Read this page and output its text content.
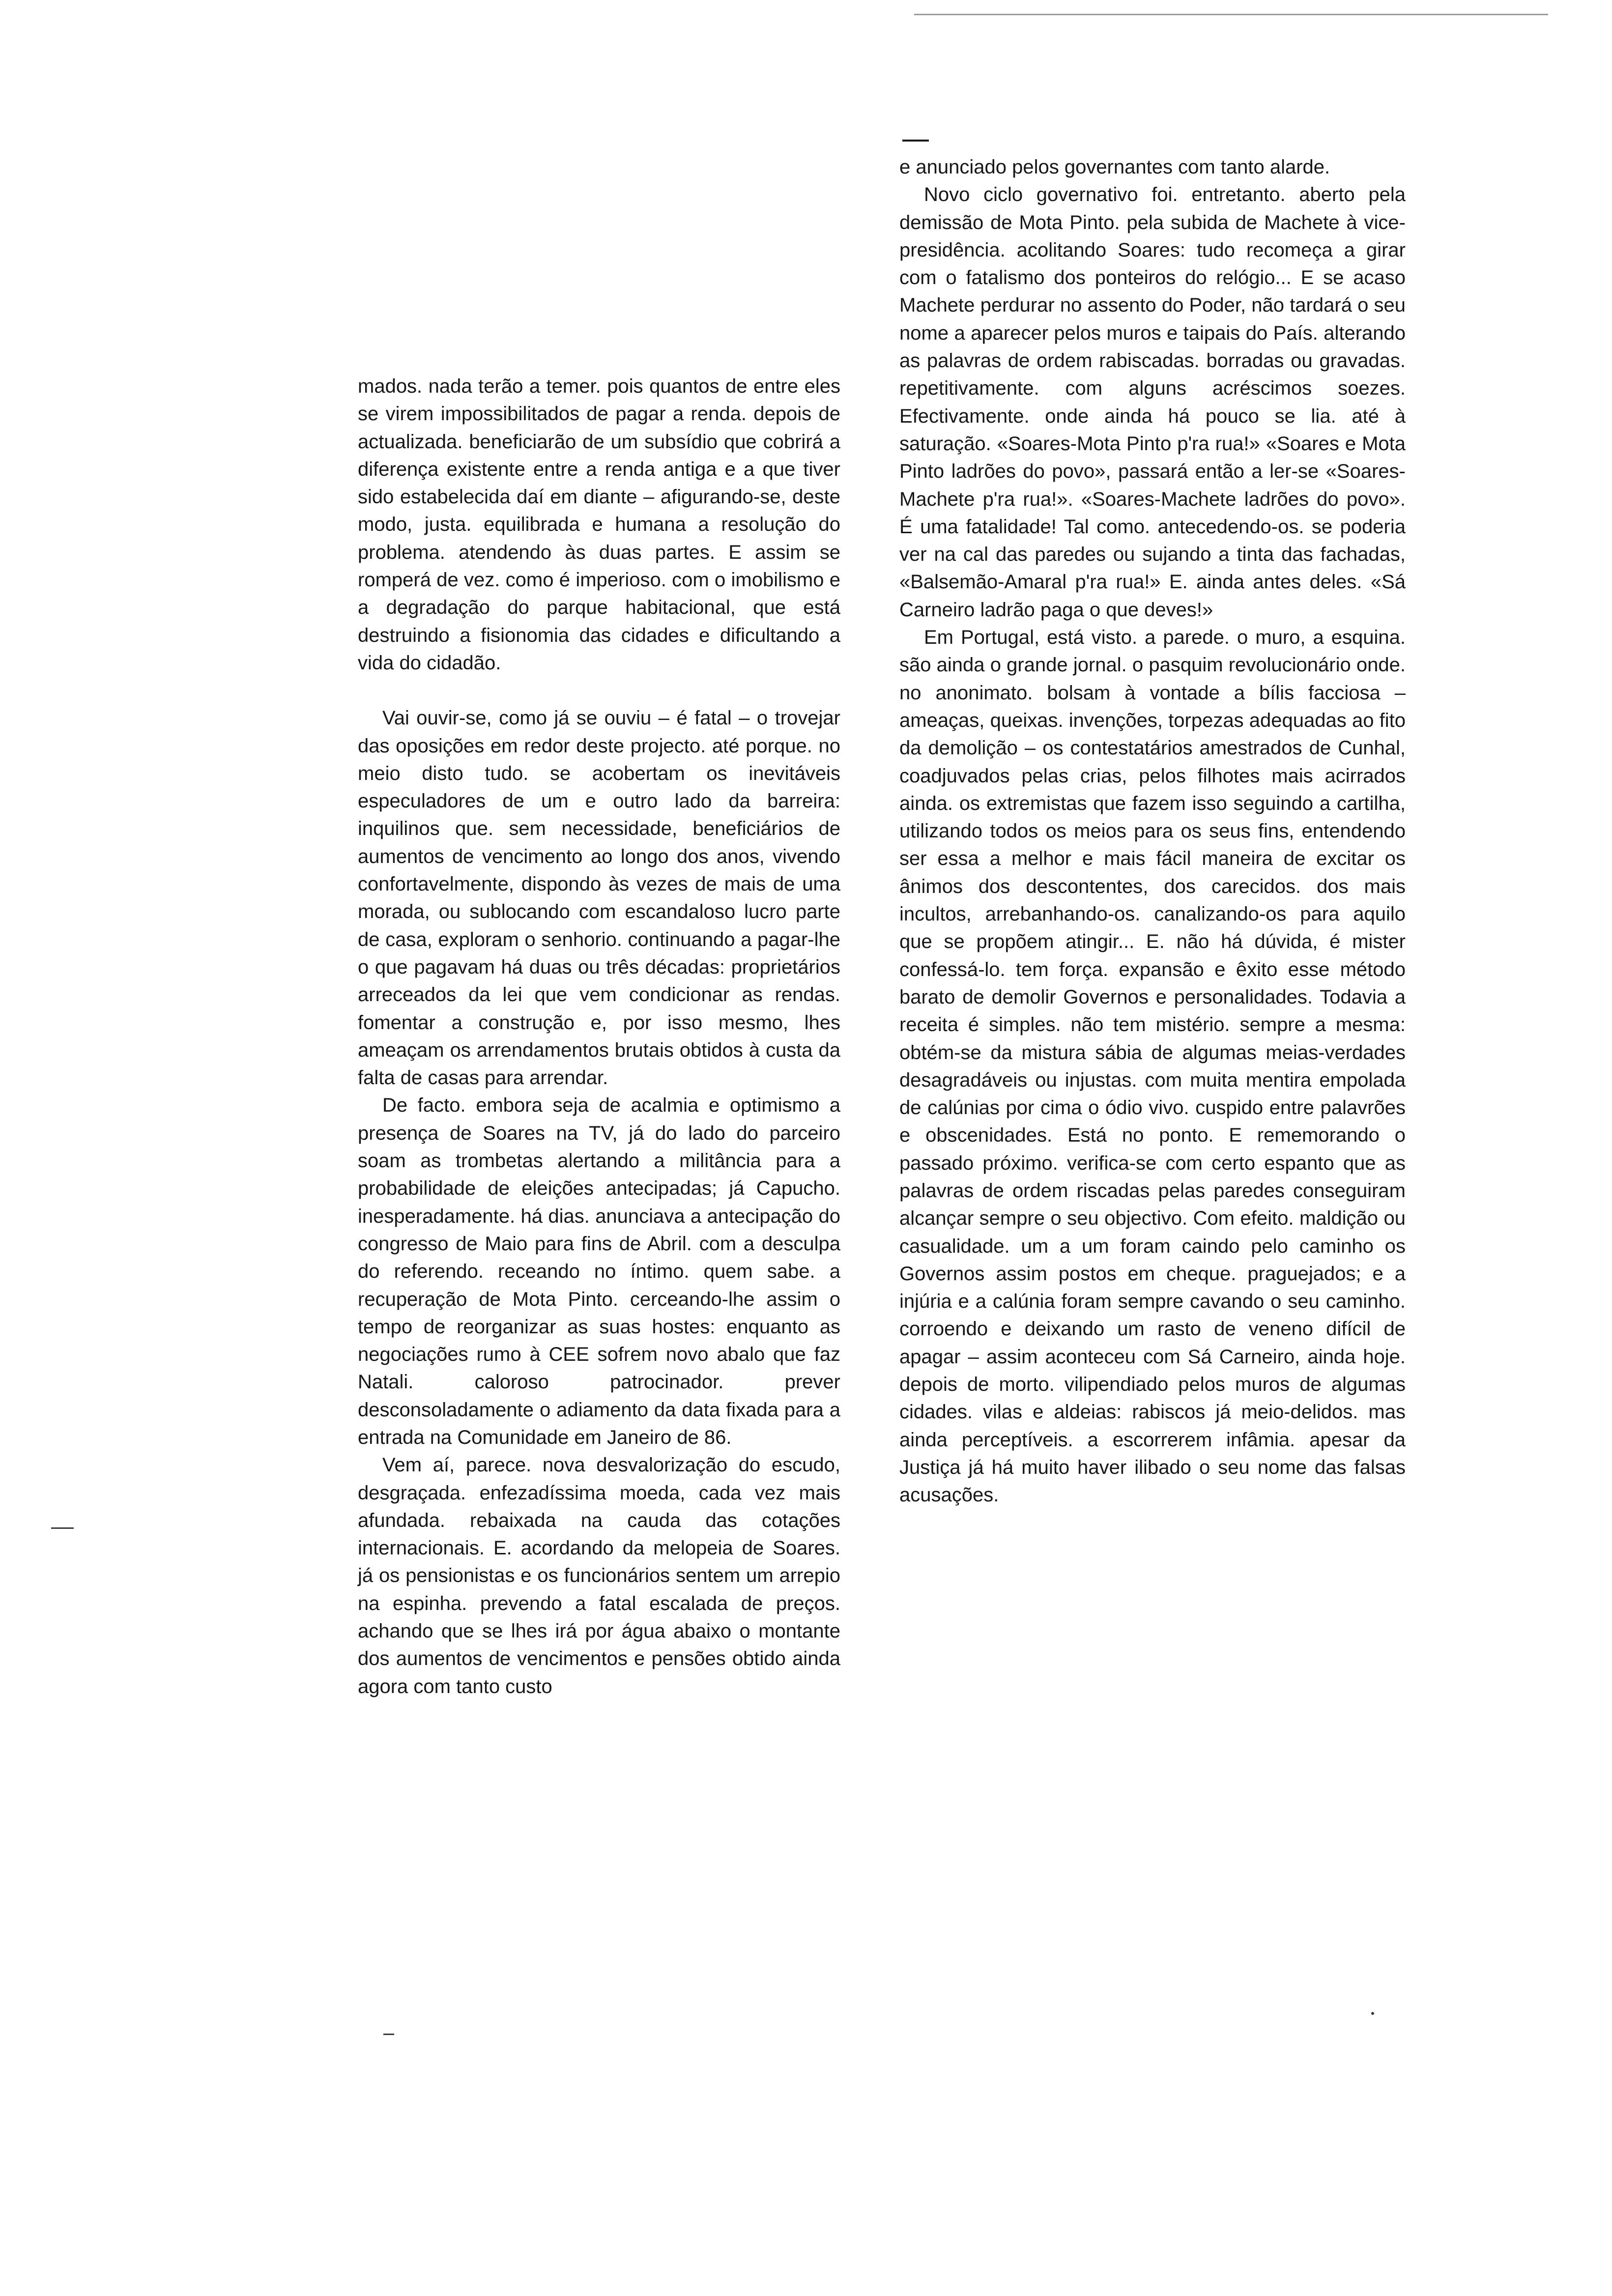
mados. nada terão a temer. pois quantos de entre eles se virem impossibilitados de pagar a renda. depois de actualizada. beneficiarão de um subsídio que cobrirá a diferença existente entre a renda antiga e a que tiver sido estabelecida daí em diante – afigurando-se, deste modo, justa. equilibrada e humana a resolução do problema. atendendo às duas partes. E assim se romperá de vez. como é imperioso. com o imobilismo e a degradação do parque habitacional, que está destruindo a fisionomia das cidades e dificultando a vida do cidadão.

Vai ouvir-se, como já se ouviu – é fatal – o trovejar das oposições em redor deste projecto. até porque. no meio disto tudo. se acobertam os inevitáveis especuladores de um e outro lado da barreira: inquilinos que. sem necessidade, beneficiários de aumentos de vencimento ao longo dos anos, vivendo confortavelmente, dispondo às vezes de mais de uma morada, ou sublocando com escandaloso lucro parte de casa, exploram o senhorio. continuando a pagar-lhe o que pagavam há duas ou três décadas: proprietários arreceados da lei que vem condicionar as rendas. fomentar a construção e, por isso mesmo, lhes ameaçam os arrendamentos brutais obtidos à custa da falta de casas para arrendar.

De facto. embora seja de acalmia e optimismo a presença de Soares na TV, já do lado do parceiro soam as trombetas alertando a militância para a probabilidade de eleições antecipadas; já Capucho. inesperadamente. há dias. anunciava a antecipação do congresso de Maio para fins de Abril. com a desculpa do referendo. receando no íntimo. quem sabe. a recuperação de Mota Pinto. cerceando-lhe assim o tempo de reorganizar as suas hostes: enquanto as negociações rumo à CEE sofrem novo abalo que faz Natali. caloroso patrocinador. prever desconsoladamente o adiamento da data fixada para a entrada na Comunidade em Janeiro de 86.

Vem aí, parece. nova desvalorização do escudo, desgraçada. enfezadíssima moeda, cada vez mais afundada. rebaixada na cauda das cotações internacionais. E. acordando da melopeia de Soares. já os pensionistas e os funcionários sentem um arrepio na espinha. prevendo a fatal escalada de preços. achando que se lhes irá por água abaixo o montante dos aumentos de vencimentos e pensões obtido ainda agora com tanto custo

e anunciado pelos governantes com tanto alarde.

Novo ciclo governativo foi. entretanto. aberto pela demissão de Mota Pinto. pela subida de Machete à vice-presidência. acolitando Soares: tudo recomeça a girar com o fatalismo dos ponteiros do relógio... E se acaso Machete perdurar no assento do Poder, não tardará o seu nome a aparecer pelos muros e taipais do País. alterando as palavras de ordem rabiscadas. borradas ou gravadas. repetitivamente. com alguns acréscimos soezes. Efectivamente. onde ainda há pouco se lia. até à saturação. «Soares-Mota Pinto p'ra rua!» «Soares e Mota Pinto ladrões do povo», passará então a ler-se «Soares-Machete p'ra rua!». «Soares-Machete ladrões do povo». É uma fatalidade! Tal como. antecedendo-os. se poderia ver na cal das paredes ou sujando a tinta das fachadas, «Balsemão-Amaral p'ra rua!» E. ainda antes deles. «Sá Carneiro ladrão paga o que deves!»

Em Portugal, está visto. a parede. o muro, a esquina. são ainda o grande jornal. o pasquim revolucionário onde. no anonimato. bolsam à vontade a bílis facciosa – ameaças, queixas. invenções, torpezas adequadas ao fito da demolição – os contestatários amestrados de Cunhal, coadjuvados pelas crias, pelos filhotes mais acirrados ainda. os extremistas que fazem isso seguindo a cartilha, utilizando todos os meios para os seus fins, entendendo ser essa a melhor e mais fácil maneira de excitar os ânimos dos descontentes, dos carecidos. dos mais incultos, arrebanhando-os. canalizando-os para aquilo que se propõem atingir... E. não há dúvida, é mister confessá-lo. tem força. expansão e êxito esse método barato de demolir Governos e personalidades. Todavia a receita é simples. não tem mistério. sempre a mesma: obtém-se da mistura sábia de algumas meias-verdades desagradáveis ou injustas. com muita mentira empolada de calúnias por cima o ódio vivo. cuspido entre palavrões e obscenidades. Está no ponto. E rememorando o passado próximo. verifica-se com certo espanto que as palavras de ordem riscadas pelas paredes conseguiram alcançar sempre o seu objectivo. Com efeito. maldição ou casualidade. um a um foram caindo pelo caminho os Governos assim postos em cheque. praguejados; e a injúria e a calúnia foram sempre cavando o seu caminho. corroendo e deixando um rasto de veneno difícil de apagar – assim aconteceu com Sá Carneiro, ainda hoje. depois de morto. vilipendiado pelos muros de algumas cidades. vilas e aldeias: rabiscos já meio-delidos. mas ainda perceptíveis. a escorrerem infâmia. apesar da Justiça já há muito haver ilibado o seu nome das falsas acusações.
